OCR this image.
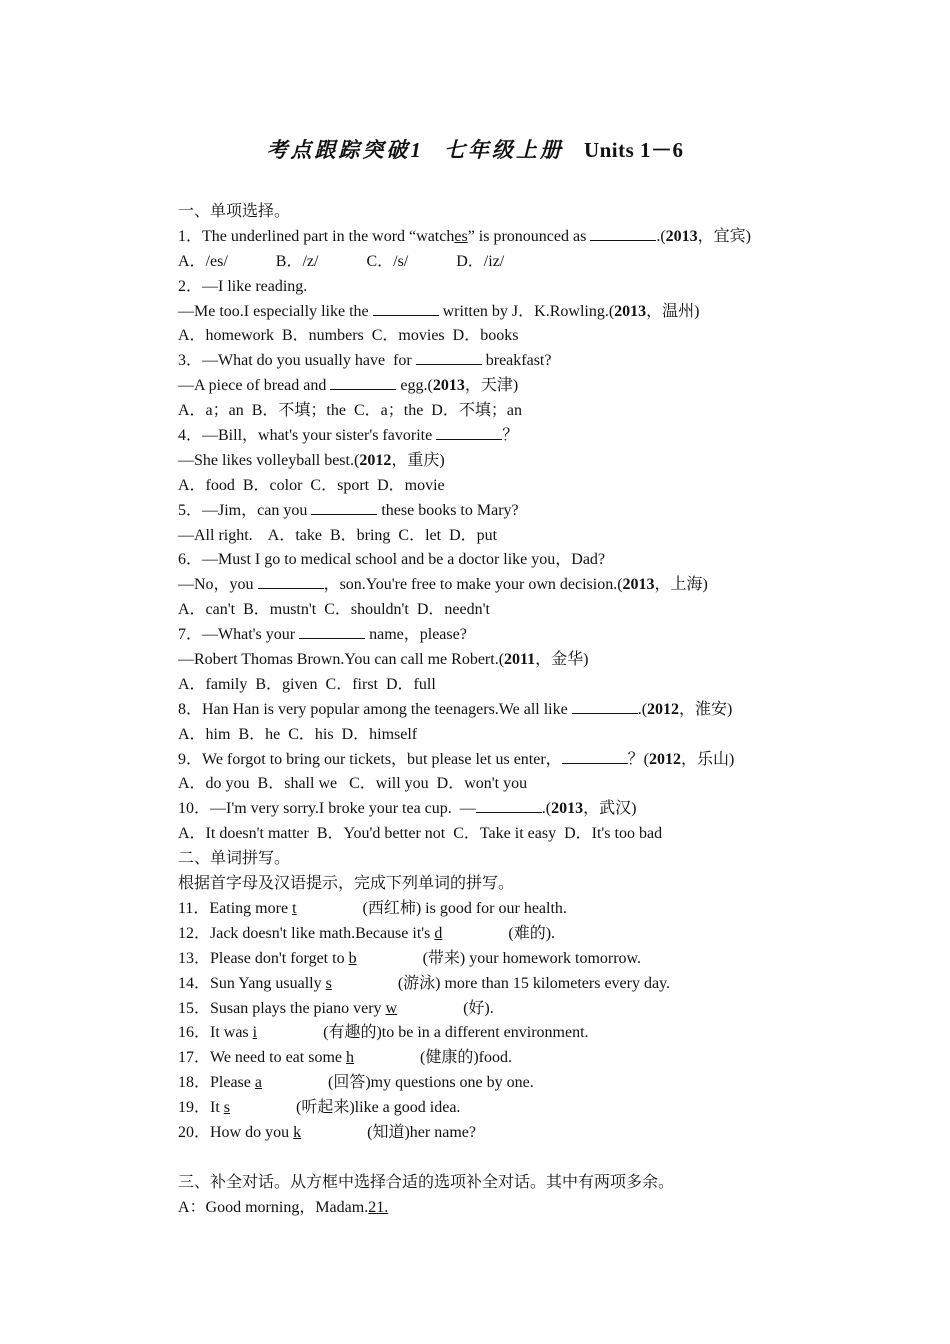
考点跟踪突破1 七年级上册 Units 1－6
一、单项选择。
1．The underlined part in the word “watches” is pronounced as	.(2013，宜宾)
A．/es/	B．/z/	C．/s/	D．/iz/
2．—I like reading.
—Me too.I especially like the	written by J．K.Rowling.(2013，温州)
A．homework  B．numbers  C．movies  D．books
3．—What do you usually have  for	breakfast?
—A piece of bread and	egg.(2013，天津)
A．a；an  B．不填；the  C．a；the  D．不填；an
4．—Bill，what's your sister's favorite	？
—She likes volleyball best.(2012，重庆)
A．food  B．color  C．sport  D．movie
5．—Jim，can you	these books to Mary?
—All right.    A．take  B．bring  C．let  D．put
6．—Must I go to medical school and be a doctor like you，Dad?
—No，you	，son.You're free to make your own decision.(2013，上海)
A．can't  B．mustn't  C．shouldn't  D．needn't
7．—What's your	name，please?
—Robert Thomas Brown.You can call me Robert.(2011，金华)
A．family  B．given  C．first  D．full
8．Han Han is very popular among the teenagers.We all like	.(2012，淮安)
A．him  B．he  C．his  D．himself
9．We forgot to bring our tickets，but please let us enter，	？(2012，乐山)
A．do you  B．shall we   C．will you  D．won't you
10．—I'm very sorry.I broke your tea cup.  —	.(2013，武汉)
A．It doesn't matter  B．You'd better not  C．Take it easy  D．It's too bad
二、单词拼写。
根据首字母及汉语提示，完成下列单词的拼写。
11．Eating more t	(西红柿) is good for our health.
12．Jack doesn't like math.Because it's d	(难的).
13．Please don't forget to b	(带来) your homework tomorrow.
14．Sun Yang usually s	(游泳) more than 15 kilometers every day.
15．Susan plays the piano very w	(好).
16．It was i	(有趣的)to be in a different environment.
17．We need to eat some h	(健康的)food.
18．Please a	(回答)my questions one by one.
19．It s	(听起来)like a good idea.
20．How do you k	(知道)her name?
三、补全对话。从方框中选择合适的选项补全对话。其中有两项多余。
A：Good morning，Madam.21.
